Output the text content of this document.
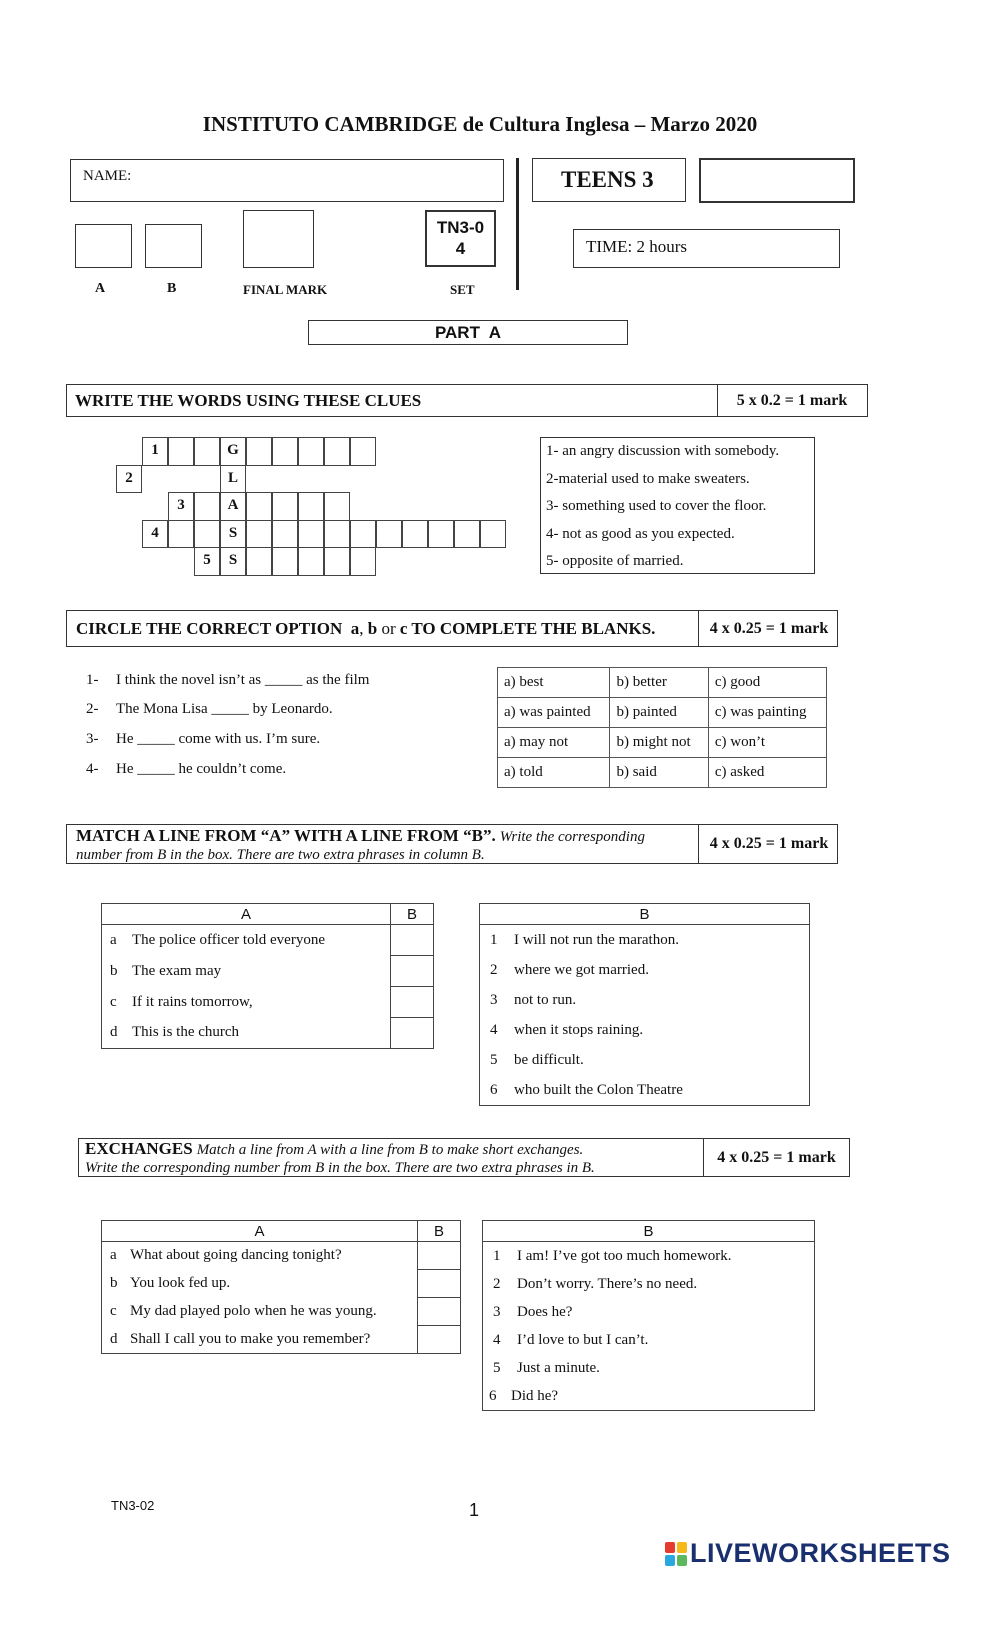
INSTITUTO CAMBRIDGE de Cultura Inglesa – Marzo 2020
NAME:
TN3-04
A	B	FINAL MARK	SET
TEENS 3
TIME: 2 hours
PART  A
WRITE THE WORDS USING THESE CLUES	5 x 0.2 = 1 mark
1	G
2	L
3	A
4	S
5	S
1- an angry discussion with somebody.
2-material used to make sweaters.
3- something used to cover the floor.
4- not as good as you expected.
5- opposite of married.
CIRCLE THE CORRECT OPTION a, b or c TO COMPLETE THE BLANKS.	4 x 0.25 = 1 mark
1- I think the novel isn’t as _____ as the film
2- The Mona Lisa _____ by Leonardo.
3- He _____ come with us. I’m sure.
4- He _____ he couldn’t come.
a) best	b) better	c) good
a) was painted	b) painted	c) was painting
a) may not	b) might not	c) won’t
a) told	b) said	c) asked
MATCH A LINE FROM “A” WITH A LINE FROM “B”. Write the corresponding
number from B in the box. There are two extra phrases in column B.
4 x 0.25 = 1 mark
A	B
a The police officer told everyone	
b The exam may	
c If it rains tomorrow,	
d This is the church	
B
1 I will not run the marathon.
2 where we got married.
3 not to run.
4 when it stops raining.
5 be difficult.
6 who built the Colon Theatre
EXCHANGES Match a line from A with a line from B to make short exchanges.
Write the corresponding number from B in the box. There are two extra phrases in B.
4 x 0.25 = 1 mark
A	B
a What about going dancing tonight?	
b You look fed up.	
c My dad played polo when he was young.	
d Shall I call you to make you remember?	
B
1 I am! I’ve got too much homework.
2 Don’t worry. There’s no need.
3 Does he?
4 I’d love to but I can’t.
5 Just a minute.
6 Did he?
TN3-02	1
LIVEWORKSHEETS
